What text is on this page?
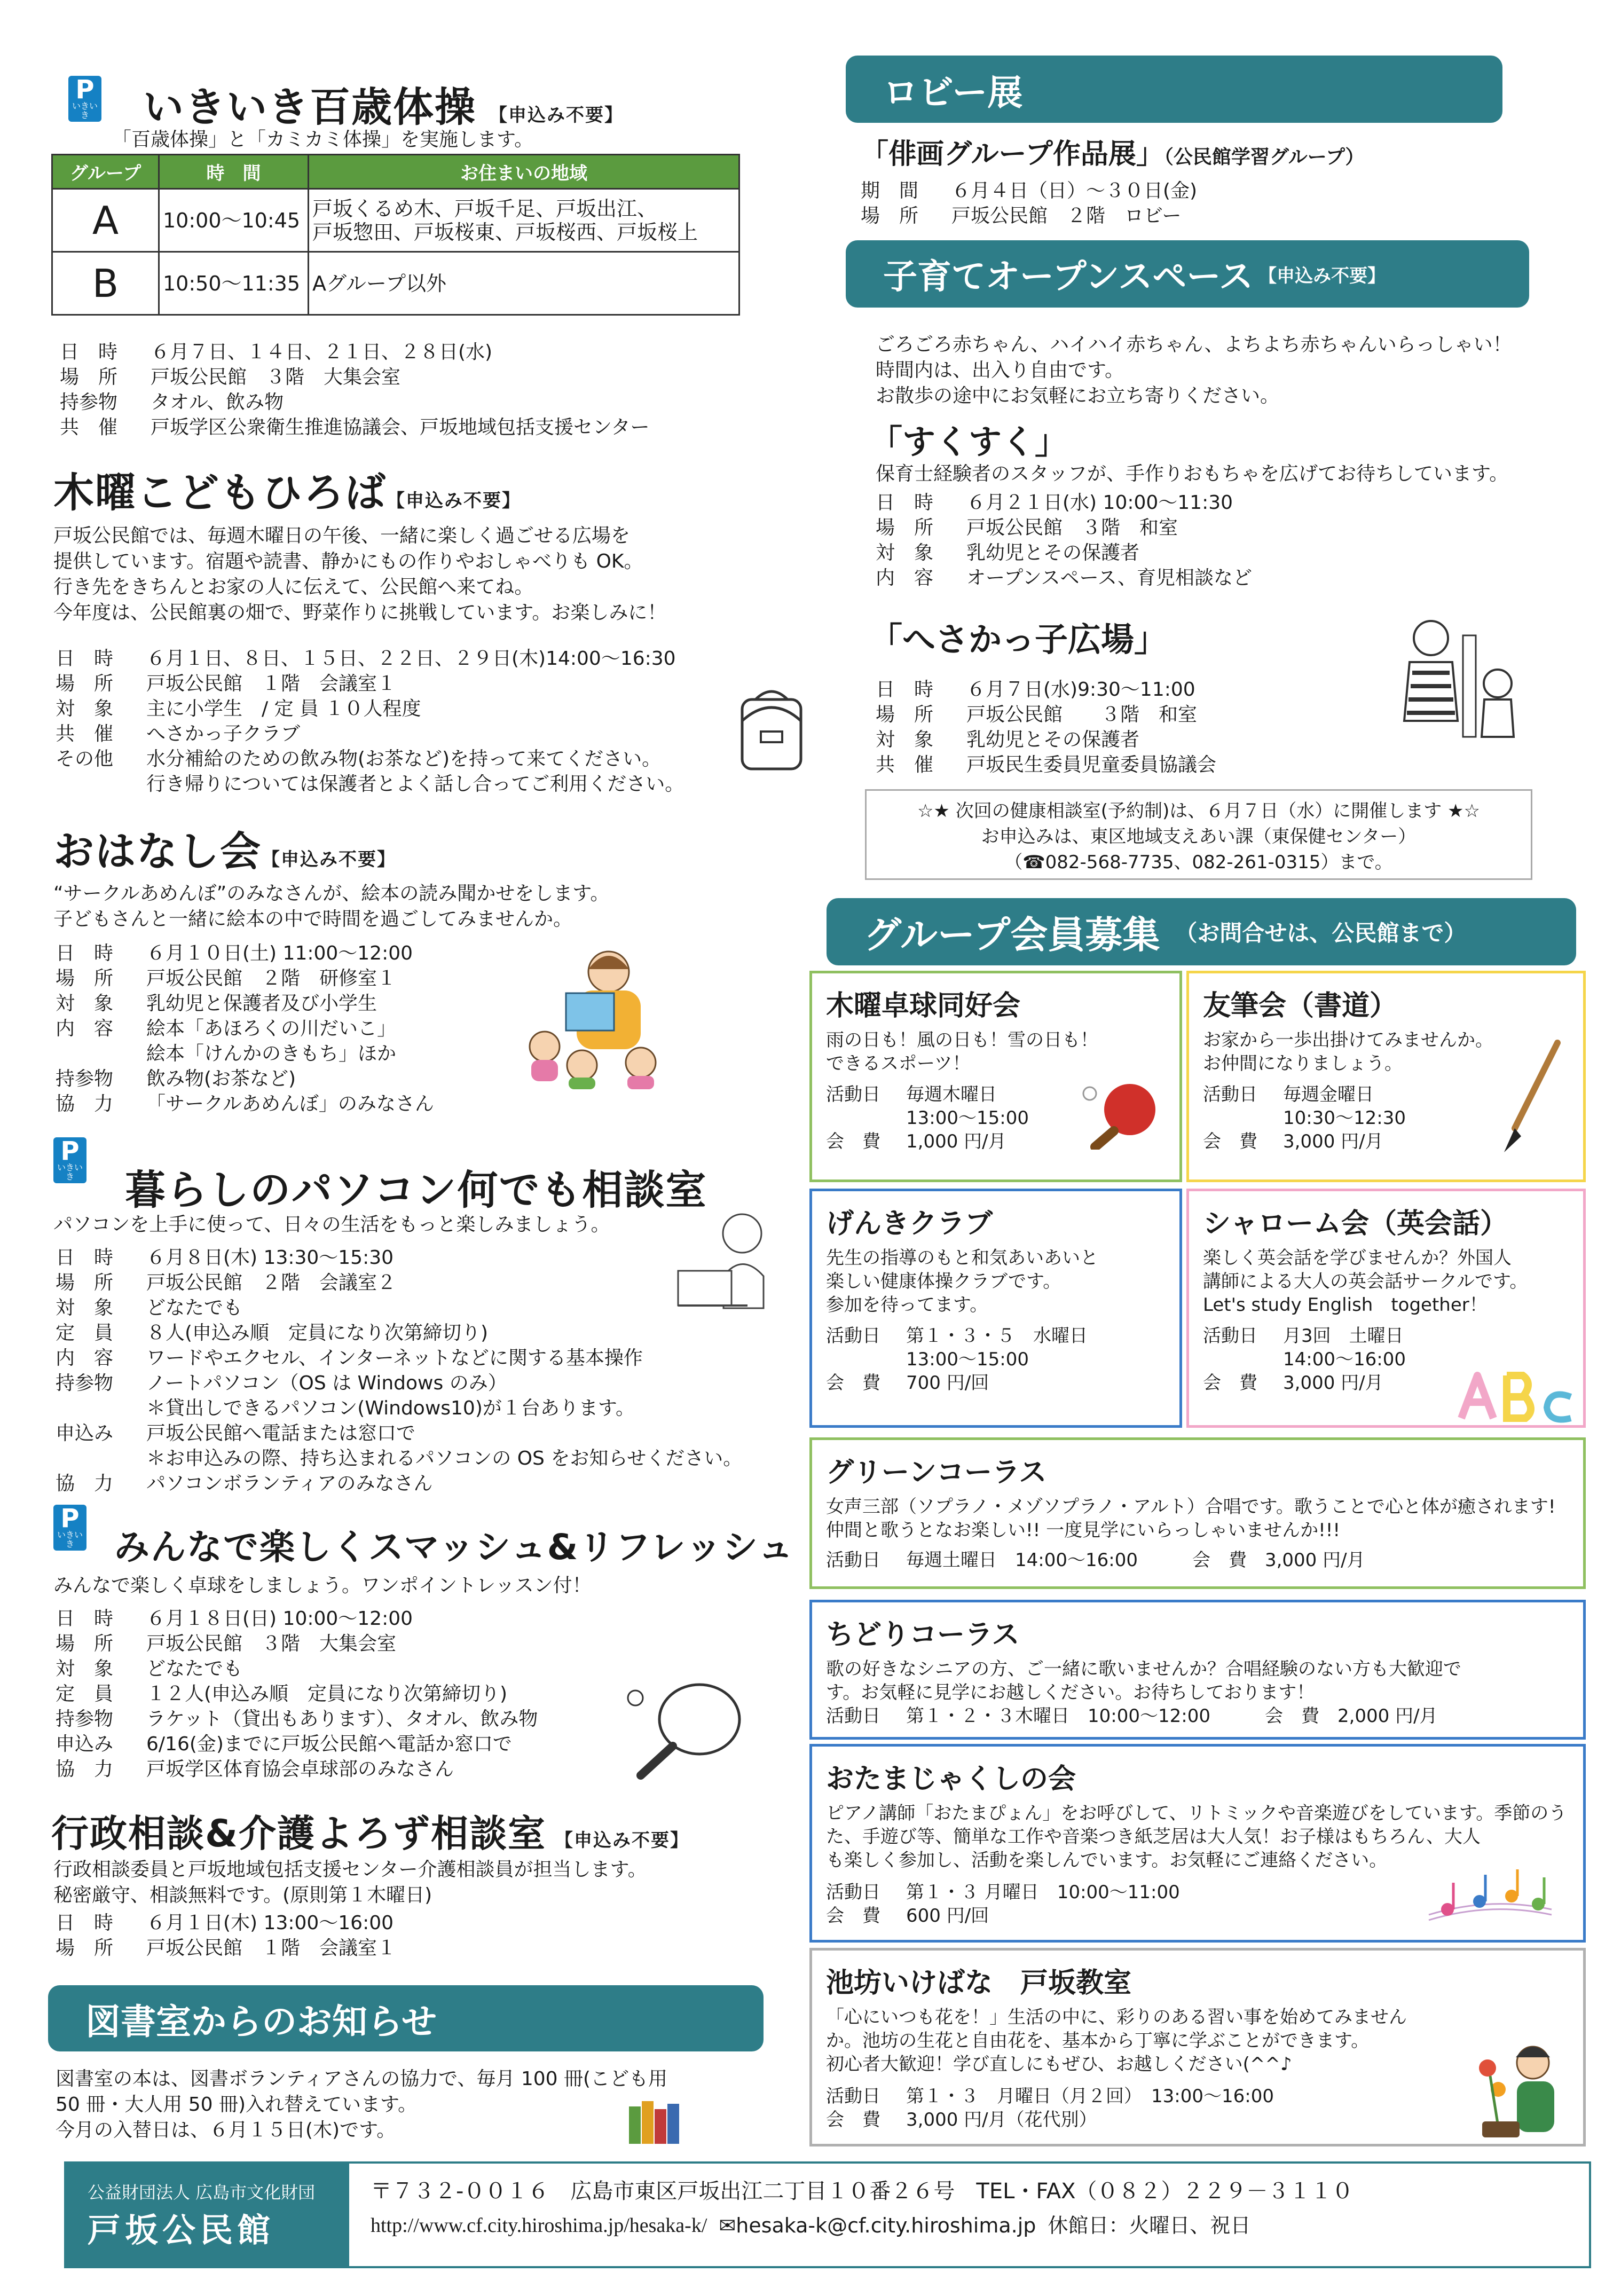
P
いきいき	いきいき百歳体操 【申込み不要】
「百歳体操」と「カミカミ体操」を実施します。
グループ	時　間	お住まいの地域
A	10:00～10:45	戸坂くるめ木、戸坂千足、戸坂出江、
戸坂惣田、戸坂桜東、戸坂桜西、戸坂桜上

B	10:50～11:35	Aグループ以外
日　時	６月７日、１４日、２１日、２８日(水)
場　所	戸坂公民館　３階　大集会室
持参物	タオル、飲み物
共　催	戸坂学区公衆衛生推進協議会、戸坂地域包括支援センター
木曜こどもひろば【申込み不要】
戸坂公民館では、毎週木曜日の午後、一緒に楽しく過ごせる広場を
提供しています。宿題や読書、静かにもの作りやおしゃべりも OK。
行き先をきちんとお家の人に伝えて、公民館へ来てね。
今年度は、公民館裏の畑で、野菜作りに挑戦しています。お楽しみに！
日　時	６月１日、８日、１５日、２２日、２９日(木)14:00～16:30
場　所	戸坂公民館　１階　会議室１
対　象	主に小学生　/ 定 員 １０人程度
共　催	へさかっ子クラブ
その他	水分補給のための飲み物(お茶など)を持って来てください。
行き帰りについては保護者とよく話し合ってご利用ください。
おはなし会【申込み不要】
“サークルあめんぼ”のみなさんが、絵本の読み聞かせをします。
子どもさんと一緒に絵本の中で時間を過ごしてみませんか。
日　時	６月１０日(土) 11:00～12:00
場　所	戸坂公民館　２階　研修室１
対　象	乳幼児と保護者及び小学生
内　容	絵本「あほろくの川だいこ」
絵本「けんかのきもち」ほか
持参物	飲み物(お茶など)
協　力	「サークルあめんぼ」のみなさん
P
いきいき	暮らしのパソコン何でも相談室
パソコンを上手に使って、日々の生活をもっと楽しみましょう。
日　時	６月８日(木) 13:30～15:30
場　所	戸坂公民館　２階　会議室２
対　象	どなたでも
定　員	８人(申込み順　定員になり次第締切り)
内　容	ワードやエクセル、インターネットなどに関する基本操作
持参物	ノートパソコン（OS は Windows のみ）
＊貸出しできるパソコン(Windows10)が１台あります。
申込み	戸坂公民館へ電話または窓口で
＊お申込みの際、持ち込まれるパソコンの OS をお知らせください。
協　力	パソコンボランティアのみなさん
P
いきいき	みんなで楽しくスマッシュ&リフレッシュ
みんなで楽しく卓球をしましょう。ワンポイントレッスン付！
日　時	６月１８日(日) 10:00～12:00
場　所	戸坂公民館　３階　大集会室
対　象	どなたでも
定　員	１２人(申込み順　定員になり次第締切り)
持参物	ラケット（貸出もあります）、タオル、飲み物
申込み	6/16(金)までに戸坂公民館へ電話か窓口で
協　力	戸坂学区体育協会卓球部のみなさん
行政相談&介護よろず相談室 【申込み不要】
行政相談委員と戸坂地域包括支援センター介護相談員が担当します。
秘密厳守、相談無料です。(原則第１木曜日)
日　時	６月１日(木) 13:00～16:00
場　所	戸坂公民館　１階　会議室１
図書室からのお知らせ
図書室の本は、図書ボランティアさんの協力で、毎月 100 冊(こども用
50 冊・大人用 50 冊)入れ替えています。
今月の入替日は、６月１５日(木)です。
ロビー展
「俳画グループ作品展」（公民館学習グループ）
期　間	６月４日（日）～３０日(金)
場　所	戸坂公民館　２階　ロビー
子育てオープンスペース 【申込み不要】
ごろごろ赤ちゃん、ハイハイ赤ちゃん、よちよち赤ちゃんいらっしゃい！
時間内は、出入り自由です。
お散歩の途中にお気軽にお立ち寄りください。
「すくすく」
保育士経験者のスタッフが、手作りおもちゃを広げてお待ちしています。
日　時	６月２１日(水) 10:00～11:30
場　所	戸坂公民館　３階　和室
対　象	乳幼児とその保護者
内　容	オープンスペース、育児相談など
「へさかっ子広場」
日　時	６月７日(水)9:30～11:00
場　所	戸坂公民館　　３階　和室
対　象	乳幼児とその保護者
共　催	戸坂民生委員児童委員協議会
☆★ 次回の健康相談室(予約制)は、６月７日（水）に開催します ★☆
お申込みは、東区地域支えあい課（東保健センター）
（☎082-568-7735、082-261-0315）まで。
グループ会員募集 （お問合せは、公民館まで）
木曜卓球同好会
雨の日も！風の日も！雪の日も！
できるスポーツ！
活動日	毎週木曜日
13:00～15:00
会　費	1,000 円/月
友筆会（書道）
お家から一歩出掛けてみませんか。
お仲間になりましょう。
活動日	毎週金曜日
10:30～12:30
会　費	3,000 円/月
げんきクラブ
先生の指導のもと和気あいあいと
楽しい健康体操クラブです。
参加を待ってます。
活動日	第１・３・５　水曜日
13:00～15:00
会　費	700 円/回
シャローム会（英会話）
楽しく英会話を学びませんか？外国人
講師による大人の英会話サークルです。
Let's study English　together！
活動日	月3回　土曜日
14:00～16:00
会　費	3,000 円/月
グリーンコーラス
女声三部（ソプラノ・メゾソプラノ・アルト）合唱です。歌うことで心と体が癒されます!
仲間と歌うとなお楽しい!! 一度見学にいらっしゃいませんか!!!
活動日	毎週土曜日　14:00～16:00　　　会　費　3,000 円/月
ちどりコーラス
歌の好きなシニアの方、ご一緒に歌いませんか？合唱経験のない方も大歓迎で
す。お気軽に見学にお越しください。お待ちしております！
活動日	第１・２・３木曜日　10:00～12:00　　　会　費　2,000 円/月
おたまじゃくしの会
ピアノ講師「おたまぴょん」をお呼びして、リトミックや音楽遊びをしています。季節のう
た、手遊び等、簡単な工作や音楽つき紙芝居は大人気！お子様はもちろん、大人
も楽しく参加し、活動を楽しんでいます。お気軽にご連絡ください。
活動日	第１・３ 月曜日　10:00～11:00
会　費	600 円/回
池坊いけばな　戸坂教室
「心にいつも花を！」生活の中に、彩りのある習い事を始めてみません
か。池坊の生花と自由花を、基本から丁寧に学ぶことができます。
初心者大歓迎！学び直しにもぜひ、お越しください(^^♪
活動日	第１・３　月曜日（月２回）　13:00～16:00
会　費	3,000 円/月（花代別）
公益財団法人 広島市文化財団
戸坂公民館
〒７３２-００１６　広島市東区戸坂出江二丁目１０番２６号　TEL・FAX（０８２）２２９－３１１０
http://www.cf.city.hiroshima.jp/hesaka-k/ ✉hesaka-k@cf.city.hiroshima.jp 休館日：火曜日、祝日
